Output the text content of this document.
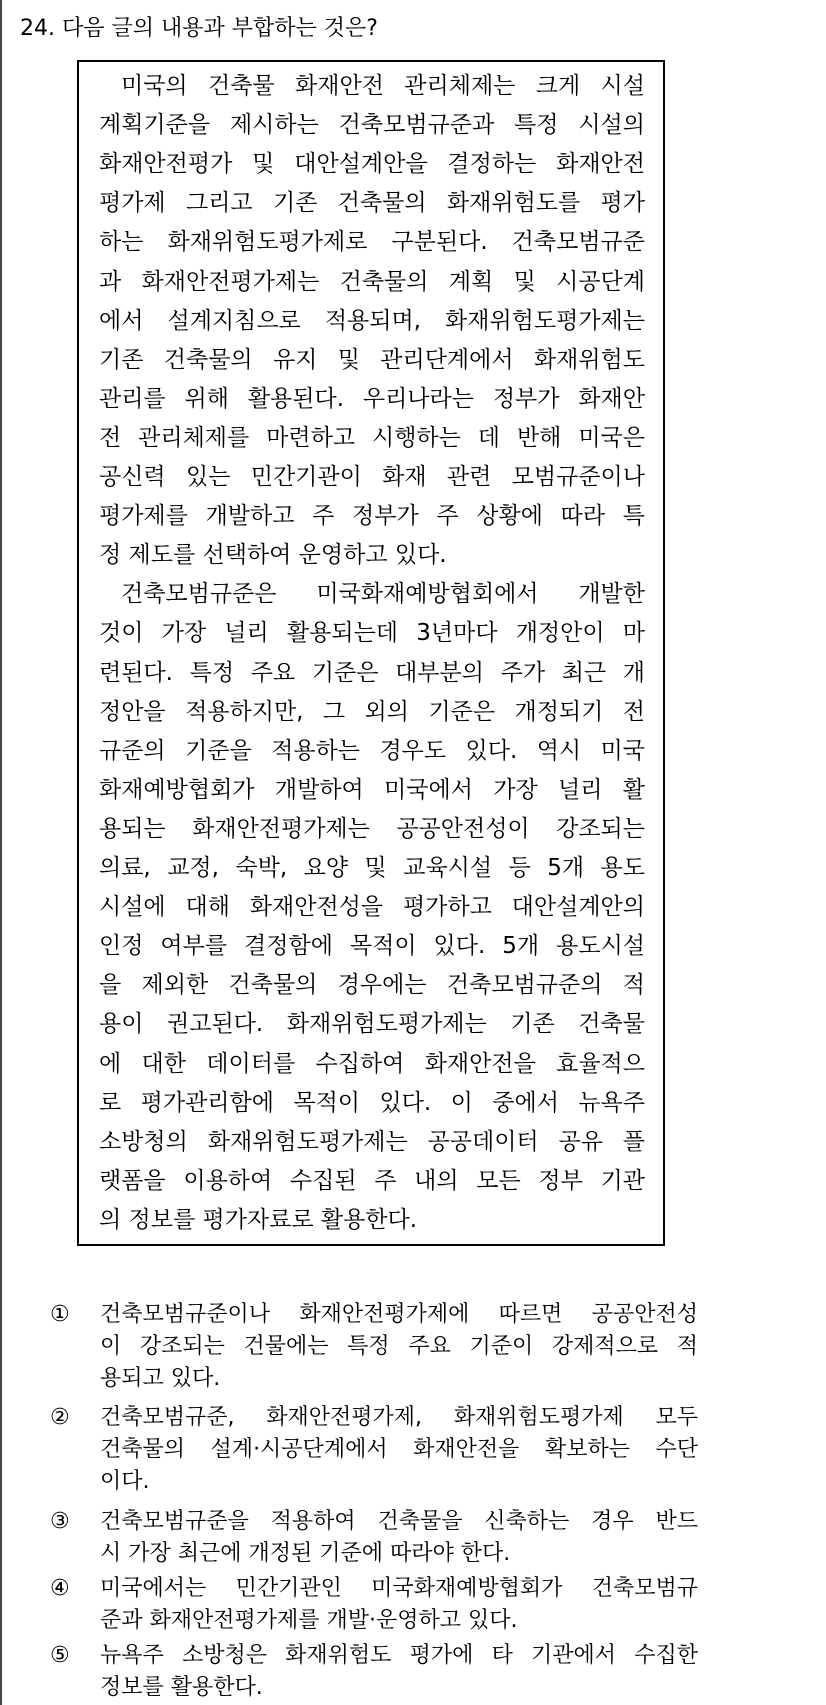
24. 다음 글의 내용과 부합하는 것은?
미국의 건축물 화재안전 관리체제는 크게 시설
계획기준을 제시하는 건축모범규준과 특정 시설의
화재안전평가 및 대안설계안을 결정하는 화재안전
평가제 그리고 기존 건축물의 화재위험도를 평가
하는 화재위험도평가제로 구분된다. 건축모범규준
과 화재안전평가제는 건축물의 계획 및 시공단계
에서 설계지침으로 적용되며, 화재위험도평가제는
기존 건축물의 유지 및 관리단계에서 화재위험도
관리를 위해 활용된다. 우리나라는 정부가 화재안
전 관리체제를 마련하고 시행하는 데 반해 미국은
공신력 있는 민간기관이 화재 관련 모범규준이나
평가제를 개발하고 주 정부가 주 상황에 따라 특
정 제도를 선택하여 운영하고 있다.
건축모범규준은 미국화재예방협회에서 개발한
것이 가장 널리 활용되는데 3년마다 개정안이 마
련된다. 특정 주요 기준은 대부분의 주가 최근 개
정안을 적용하지만, 그 외의 기준은 개정되기 전
규준의 기준을 적용하는 경우도 있다. 역시 미국
화재예방협회가 개발하여 미국에서 가장 널리 활
용되는 화재안전평가제는 공공안전성이 강조되는
의료, 교정, 숙박, 요양 및 교육시설 등 5개 용도
시설에 대해 화재안전성을 평가하고 대안설계안의
인정 여부를 결정함에 목적이 있다. 5개 용도시설
을 제외한 건축물의 경우에는 건축모범규준의 적
용이 권고된다. 화재위험도평가제는 기존 건축물
에 대한 데이터를 수집하여 화재안전을 효율적으
로 평가관리함에 목적이 있다. 이 중에서 뉴욕주
소방청의 화재위험도평가제는 공공데이터 공유 플
랫폼을 이용하여 수집된 주 내의 모든 정부 기관
의 정보를 평가자료로 활용한다.
① 건축모범규준이나 화재안전평가제에 따르면 공공안전성
이 강조되는 건물에는 특정 주요 기준이 강제적으로 적
용되고 있다.
② 건축모범규준, 화재안전평가제, 화재위험도평가제 모두
건축물의 설계·시공단계에서 화재안전을 확보하는 수단
이다.
③ 건축모범규준을 적용하여 건축물을 신축하는 경우 반드
시 가장 최근에 개정된 기준에 따라야 한다.
④ 미국에서는 민간기관인 미국화재예방협회가 건축모범규
준과 화재안전평가제를 개발·운영하고 있다.
⑤ 뉴욕주 소방청은 화재위험도 평가에 타 기관에서 수집한
정보를 활용한다.
